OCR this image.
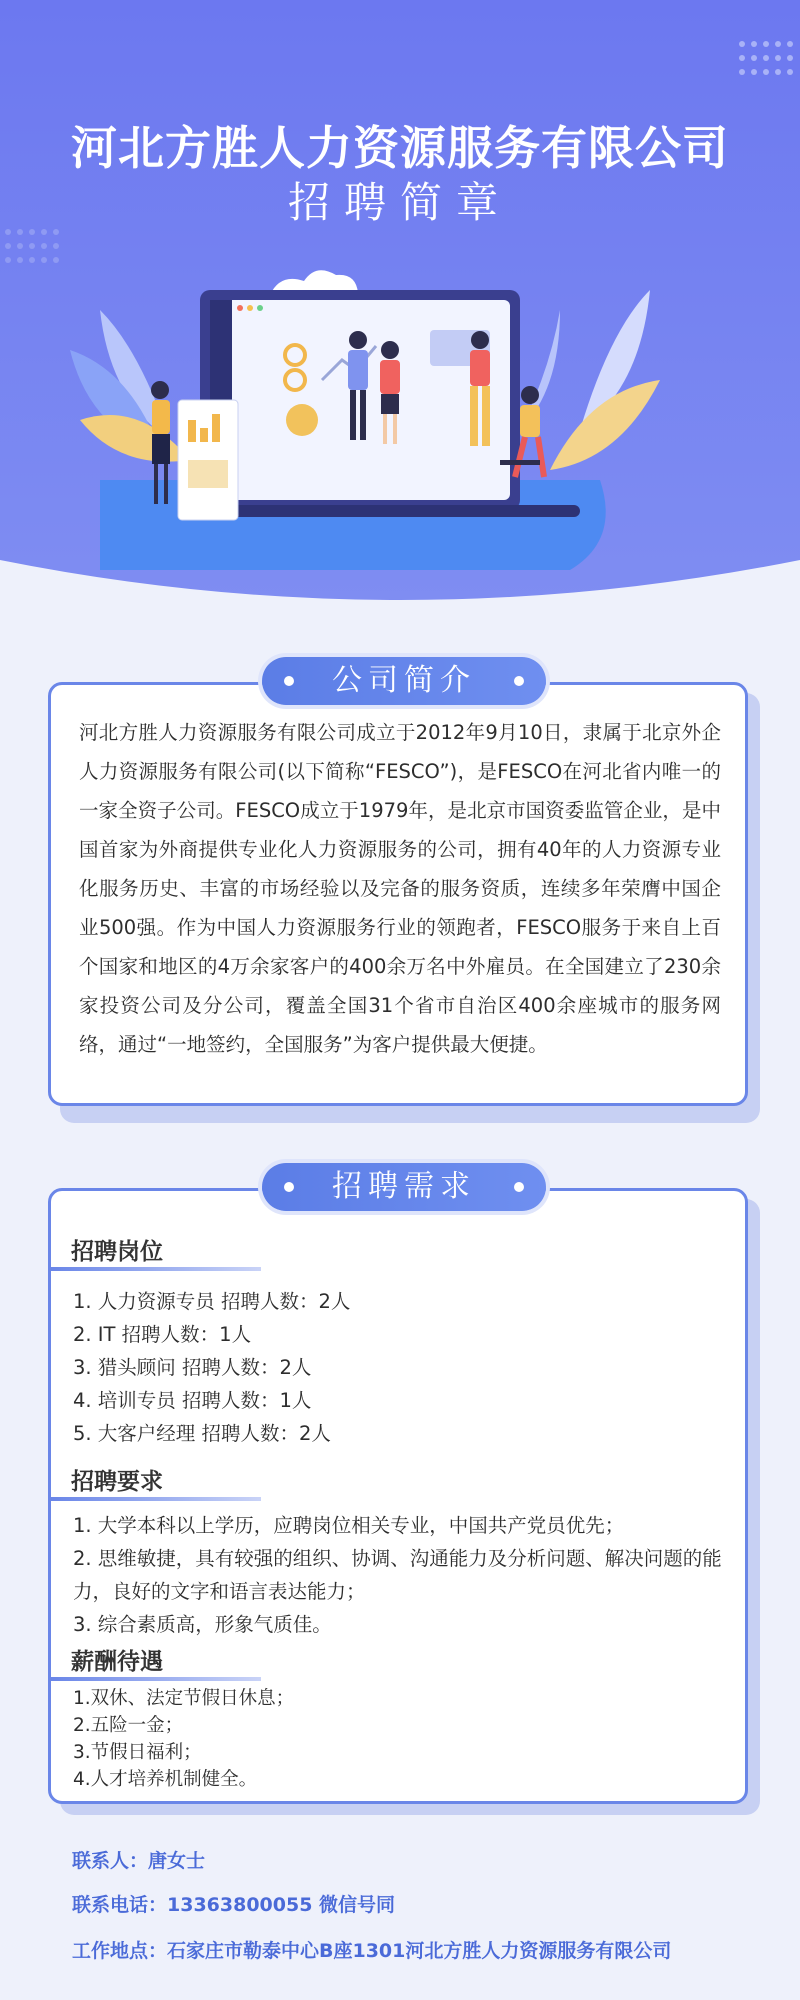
河北方胜人力资源服务有限公司
招聘简章
河北方胜人力资源服务有限公司成立于2012年9月10日，隶属于北京外企人力资源服务有限公司(以下简称“FESCO”)，是FESCO在河北省内唯一的一家全资子公司。FESCO成立于1979年，是北京市国资委监管企业，是中国首家为外商提供专业化人力资源服务的公司，拥有40年的人力资源专业化服务历史、丰富的市场经验以及完备的服务资质，连续多年荣膺中国企业500强。作为中国人力资源服务行业的领跑者，FESCO服务于来自上百个国家和地区的4万余家客户的400余万名中外雇员。在全国建立了230余家投资公司及分公司，覆盖全国31个省市自治区400余座城市的服务网络，通过“一地签约，全国服务”为客户提供最大便捷。
公司简介
招聘岗位
1. 人力资源专员 招聘人数：2人
2. IT 招聘人数：1人
3. 猎头顾问 招聘人数：2人
4. 培训专员 招聘人数：1人
5. 大客户经理 招聘人数：2人
招聘要求
1. 大学本科以上学历，应聘岗位相关专业，中国共产党员优先；
2. 思维敏捷，具有较强的组织、协调、沟通能力及分析问题、解决问题的能力，良好的文字和语言表达能力；
3. 综合素质高，形象气质佳。
薪酬待遇
1.双休、法定节假日休息；
2.五险一金；
3.节假日福利；
4.人才培养机制健全。
招聘需求
联系人：唐女士
联系电话：13363800055 微信号同
工作地点：石家庄市勒泰中心B座1301河北方胜人力资源服务有限公司
